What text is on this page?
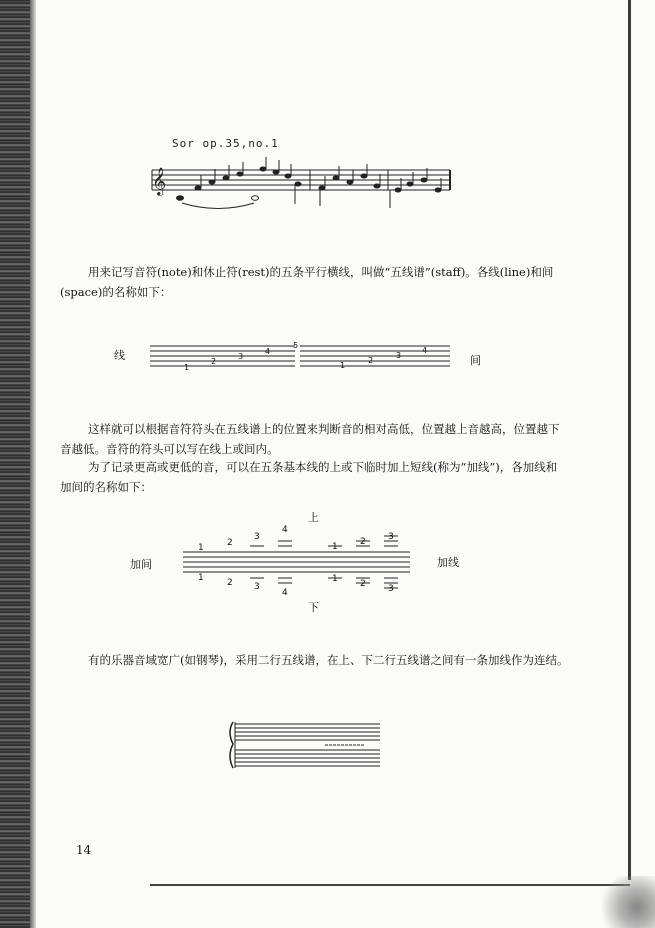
Sor op.35,no.1
𝄞

用来记写音符(note)和休止符(rest)的五条平行横线，叫做“五线谱”(staff)。各线(line)和间

(space)的名称如下：

线	间
1
2
3
4
5
1
2
3
4

这样就可以根据音符符头在五线谱上的位置来判断音的相对高低，位置越上音越高，位置越下

音越低。音符的符头可以写在线上或间内。

为了记录更高或更低的音，可以在五条基本线的上或下临时加上短线(称为“加线”)，各加线和

加间的名称如下：

上
下
加间	加线
1	2
3
4
1 2 3
1	2 3
4
1 2 3

有的乐器音域宽广(如钢琴)，采用二行五线谱，在上、下二行五线谱之间有一条加线作为连结。

14
